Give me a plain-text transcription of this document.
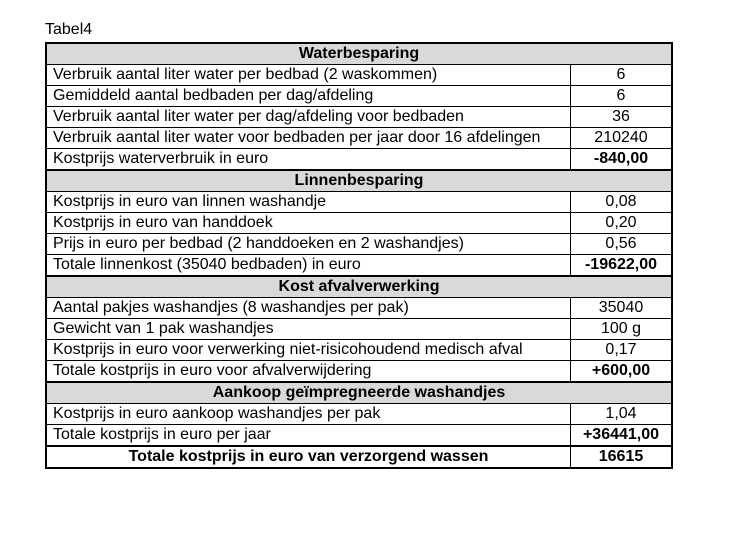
Tabel4
Waterbesparing	
Verbruik aantal liter water per bedbad (2 waskommen)	6
Gemiddeld aantal bedbaden per dag/afdeling	6
Verbruik aantal liter water per dag/afdeling voor bedbaden	36
Verbruik aantal liter water voor bedbaden per jaar door 16 afdelingen	210240
Kostprijs waterverbruik in euro	-840,00
Linnenbesparing	
Kostprijs in euro van linnen washandje	0,08
Kostprijs in euro van handdoek	0,20
Prijs in euro per bedbad (2 handdoeken en 2 washandjes)	0,56
Totale linnenkost (35040 bedbaden) in euro	-19622,00
Kost afvalverwerking	
Aantal pakjes washandjes (8 washandjes per pak)	35040
Gewicht van 1 pak washandjes	100 g
Kostprijs in euro voor verwerking niet-risicohoudend medisch afval	0,17
Totale kostprijs in euro voor afvalverwijdering	+600,00
Aankoop geïmpregneerde washandjes	
Kostprijs in euro aankoop washandjes per pak	1,04
Totale kostprijs in euro per jaar	+36441,00
Totale kostprijs in euro van verzorgend wassen	16615
